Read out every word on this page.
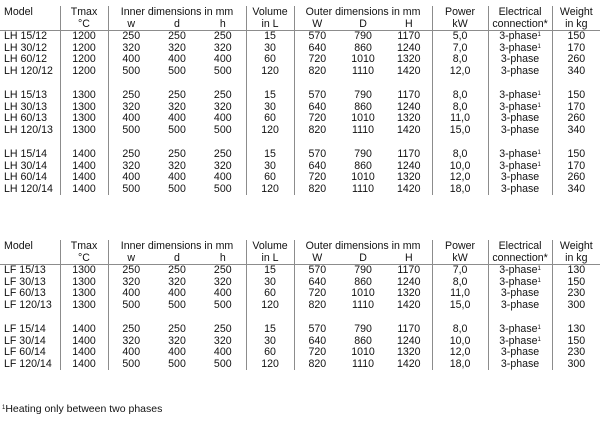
Model	Tmax	Inner dimensions in mm			Volume	Outer dimensions in mm			Power	Electrical	Weight
	°C	w	d	h	in L	W	D	H	kW	connection*	in kg
LH 15/12	1200	250	250	250	15	570	790	1170	5,0	3-phase$^1$	150
LH 30/12	1200	320	320	320	30	640	860	1240	7,0	3-phase$^1$	170
LH 60/12	1200	400	400	400	60	720	1010	1320	8,0	3-phase	260
LH 120/12	1200	500	500	500	120	820	1110	1420	12,0	3-phase	340

LH 15/13	1300	250	250	250	15	570	790	1170	8,0	3-phase$^1$	150
LH 30/13	1300	320	320	320	30	640	860	1240	8,0	3-phase$^1$	170
LH 60/13	1300	400	400	400	60	720	1010	1320	11,0	3-phase	260
LH 120/13	1300	500	500	500	120	820	1110	1420	15,0	3-phase	340

LH 15/14	1400	250	250	250	15	570	790	1170	8,0	3-phase$^1$	150
LH 30/14	1400	320	320	320	30	640	860	1240	10,0	3-phase$^1$	170
LH 60/14	1400	400	400	400	60	720	1010	1320	12,0	3-phase	260
LH 120/14	1400	500	500	500	120	820	1110	1420	18,0	3-phase	340
Model	Tmax	Inner dimensions in mm			Volume	Outer dimensions in mm			Power	Electrical	Weight
	°C	w	d	h	in L	W	D	H	kW	connection*	in kg
LF 15/13	1300	250	250	250	15	570	790	1170	7,0	3-phase$^1$	130
LF 30/13	1300	320	320	320	30	640	860	1240	8,0	3-phase$^1$	150
LF 60/13	1300	400	400	400	60	720	1010	1320	11,0	3-phase	230
LF 120/13	1300	500	500	500	120	820	1110	1420	15,0	3-phase	300

LF 15/14	1400	250	250	250	15	570	790	1170	8,0	3-phase$^1$	130
LF 30/14	1400	320	320	320	30	640	860	1240	10,0	3-phase$^1$	150
LF 60/14	1400	400	400	400	60	720	1010	1320	12,0	3-phase	230
LF 120/14	1400	500	500	500	120	820	1110	1420	18,0	3-phase	300
$^1$Heating only between two phases
